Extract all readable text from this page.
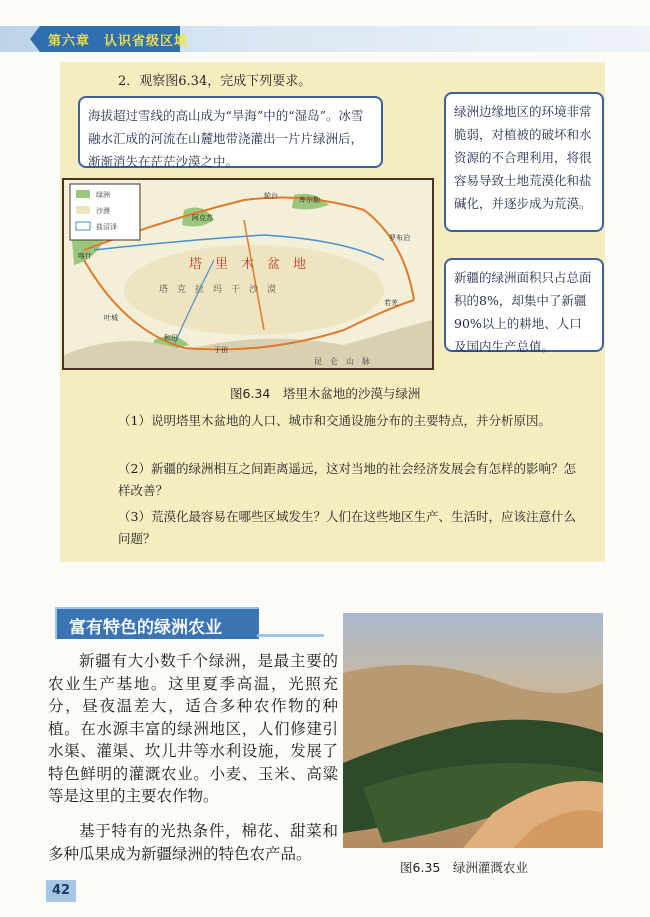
第六章　认识省级区域
2．观察图6.34，完成下列要求。
海拔超过雪线的高山成为“旱海”中的“湿岛”。冰雪融水汇成的河流在山麓地带浇灌出一片片绿洲后，渐渐消失在茫茫沙漠之中。
绿洲边缘地区的环境非常脆弱，对植被的破坏和水资源的不合理利用，将很容易导致土地荒漠化和盐碱化，并逐步成为荒漠。
新疆的绿洲面积只占总面积的8%，却集中了新疆90%以上的耕地、人口及国内生产总值。
绿洲
沙漠
盐沼泽
塔　里　木　盆　地
塔　克　拉　玛　干　沙　漠
昆　仑　山　脉
阿克苏
库尔勒
轮台
喀什
叶城
和田
于田
若羌
罗布泊
图6.34　塔里木盆地的沙漠与绿洲
（1）说明塔里木盆地的人口、城市和交通设施分布的主要特点，并分析原因。
（2）新疆的绿洲相互之间距离遥远，这对当地的社会经济发展会有怎样的影响？怎样改善？
（3）荒漠化最容易在哪些区域发生？人们在这些地区生产、生活时，应该注意什么问题？
富有特色的绿洲农业
新疆有大小数千个绿洲，是最主要的农业生产基地。这里夏季高温，光照充分，昼夜温差大，适合多种农作物的种植。在水源丰富的绿洲地区，人们修建引水渠、灌渠、坎儿井等水利设施，发展了特色鲜明的灌溉农业。小麦、玉米、高粱等是这里的主要农作物。
基于特有的光热条件，棉花、甜菜和多种瓜果成为新疆绿洲的特色农产品。
图6.35　绿洲灌溉农业
42
